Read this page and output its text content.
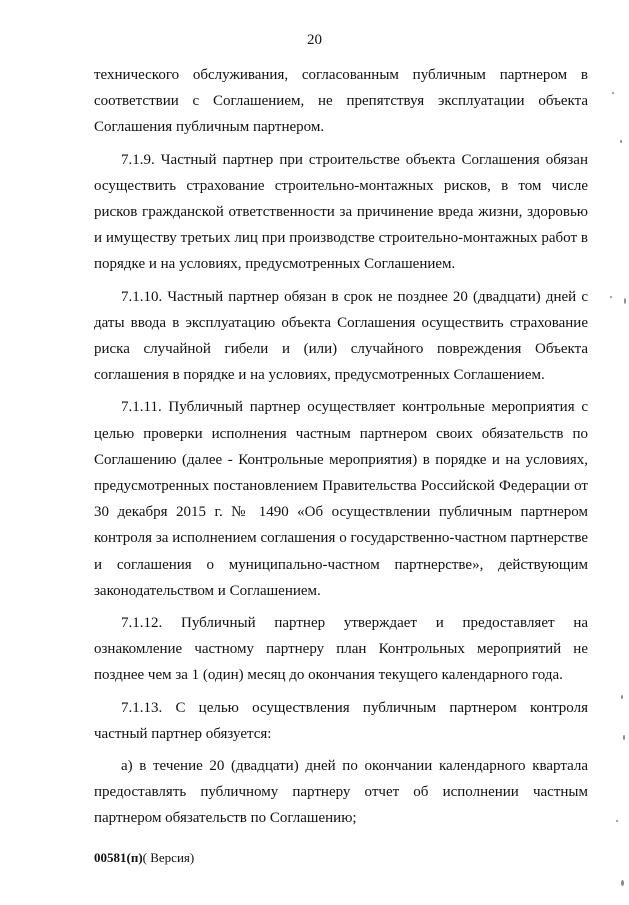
20

технического обслуживания, согласованным публичным партнером в соответствии с Соглашением, не препятствуя эксплуатации объекта Соглашения публичным партнером.

7.1.9. Частный партнер при строительстве объекта Соглашения обязан осуществить страхование строительно-монтажных рисков, в том числе рисков гражданской ответственности за причинение вреда жизни, здоровью и имуществу третьих лиц при производстве строительно-монтажных работ в порядке и на условиях, предусмотренных Соглашением.

7.1.10. Частный партнер обязан в срок не позднее 20 (двадцати) дней с даты ввода в эксплуатацию объекта Соглашения осуществить страхование риска случайной гибели и (или) случайного повреждения Объекта соглашения в порядке и на условиях, предусмотренных Соглашением.

7.1.11. Публичный партнер осуществляет контрольные мероприятия с целью проверки исполнения частным партнером своих обязательств по Соглашению (далее - Контрольные мероприятия) в порядке и на условиях, предусмотренных постановлением Правительства Российской Федерации от 30 декабря 2015 г. № 1490 «Об осуществлении публичным партнером контроля за исполнением соглашения о государственно-частном партнерстве и соглашения о муниципально-частном партнерстве», действующим законодательством и Соглашением.

7.1.12. Публичный партнер утверждает и предоставляет на ознакомление частному партнеру план Контрольных мероприятий не позднее чем за 1 (один) месяц до окончания текущего календарного года.

7.1.13. С целью осуществления публичным партнером контроля частный партнер обязуется:

а) в течение 20 (двадцати) дней по окончании календарного квартала предоставлять публичному партнеру отчет об исполнении частным партнером обязательств по Соглашению;

00581(п)( Версия)
